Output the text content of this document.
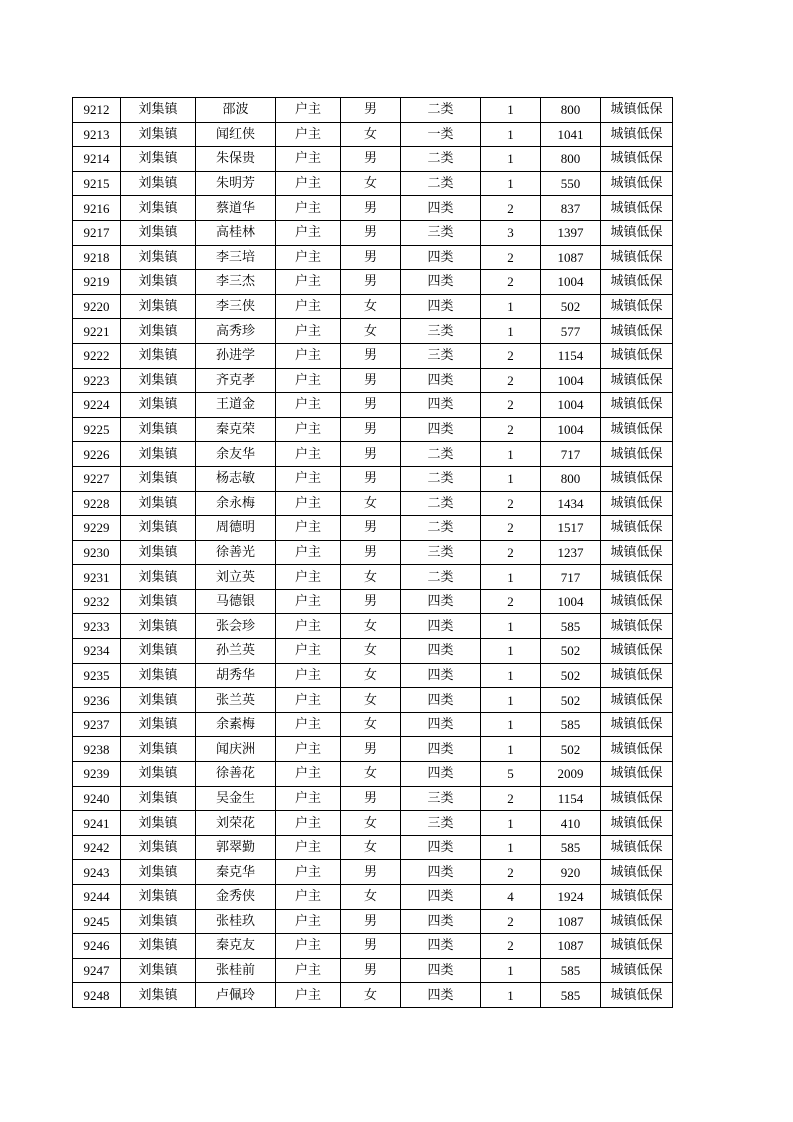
9212	刘集镇	邵波	户主	男	二类	1	800	城镇低保
9213	刘集镇	闻红侠	户主	女	一类	1	1041	城镇低保
9214	刘集镇	朱保贵	户主	男	二类	1	800	城镇低保
9215	刘集镇	朱明芳	户主	女	二类	1	550	城镇低保
9216	刘集镇	蔡道华	户主	男	四类	2	837	城镇低保
9217	刘集镇	高桂林	户主	男	三类	3	1397	城镇低保
9218	刘集镇	李三培	户主	男	四类	2	1087	城镇低保
9219	刘集镇	李三杰	户主	男	四类	2	1004	城镇低保
9220	刘集镇	李三侠	户主	女	四类	1	502	城镇低保
9221	刘集镇	高秀珍	户主	女	三类	1	577	城镇低保
9222	刘集镇	孙进学	户主	男	三类	2	1154	城镇低保
9223	刘集镇	齐克孝	户主	男	四类	2	1004	城镇低保
9224	刘集镇	王道金	户主	男	四类	2	1004	城镇低保
9225	刘集镇	秦克荣	户主	男	四类	2	1004	城镇低保
9226	刘集镇	余友华	户主	男	二类	1	717	城镇低保
9227	刘集镇	杨志敏	户主	男	二类	1	800	城镇低保
9228	刘集镇	余永梅	户主	女	二类	2	1434	城镇低保
9229	刘集镇	周德明	户主	男	二类	2	1517	城镇低保
9230	刘集镇	徐善光	户主	男	三类	2	1237	城镇低保
9231	刘集镇	刘立英	户主	女	二类	1	717	城镇低保
9232	刘集镇	马德银	户主	男	四类	2	1004	城镇低保
9233	刘集镇	张会珍	户主	女	四类	1	585	城镇低保
9234	刘集镇	孙兰英	户主	女	四类	1	502	城镇低保
9235	刘集镇	胡秀华	户主	女	四类	1	502	城镇低保
9236	刘集镇	张兰英	户主	女	四类	1	502	城镇低保
9237	刘集镇	余素梅	户主	女	四类	1	585	城镇低保
9238	刘集镇	闻庆洲	户主	男	四类	1	502	城镇低保
9239	刘集镇	徐善花	户主	女	四类	5	2009	城镇低保
9240	刘集镇	吴金生	户主	男	三类	2	1154	城镇低保
9241	刘集镇	刘荣花	户主	女	三类	1	410	城镇低保
9242	刘集镇	郭翠勤	户主	女	四类	1	585	城镇低保
9243	刘集镇	秦克华	户主	男	四类	2	920	城镇低保
9244	刘集镇	金秀侠	户主	女	四类	4	1924	城镇低保
9245	刘集镇	张桂玖	户主	男	四类	2	1087	城镇低保
9246	刘集镇	秦克友	户主	男	四类	2	1087	城镇低保
9247	刘集镇	张桂前	户主	男	四类	1	585	城镇低保
9248	刘集镇	卢佩玲	户主	女	四类	1	585	城镇低保
